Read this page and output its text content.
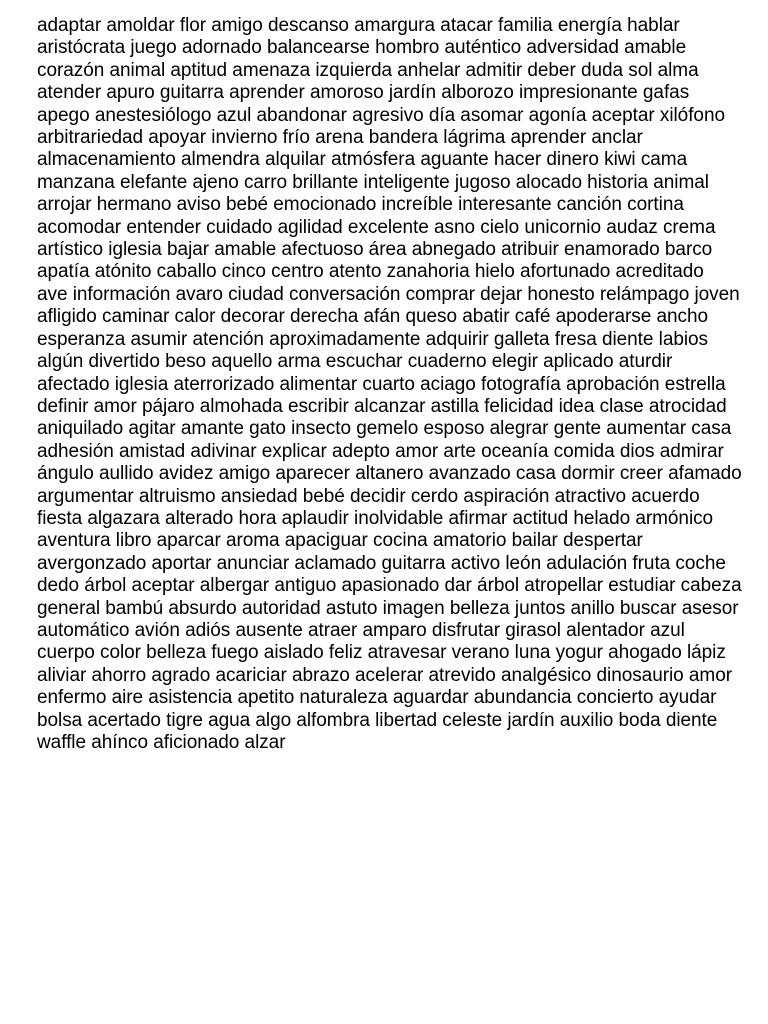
adaptar amoldar flor amigo descanso amargura atacar familia energía hablar
aristócrata juego adornado balancearse hombro auténtico adversidad amable
corazón animal aptitud amenaza izquierda anhelar admitir deber duda sol alma
atender apuro guitarra aprender amoroso jardín alborozo impresionante gafas
apego anestesiólogo azul abandonar agresivo día asomar agonía aceptar xilófono
arbitrariedad apoyar invierno frío arena bandera lágrima aprender anclar
almacenamiento almendra alquilar atmósfera aguante hacer dinero kiwi cama
manzana elefante ajeno carro brillante inteligente jugoso alocado historia animal
arrojar hermano aviso bebé emocionado increíble interesante canción cortina
acomodar entender cuidado agilidad excelente asno cielo unicornio audaz crema
artístico iglesia bajar amable afectuoso área abnegado atribuir enamorado barco
apatía atónito caballo cinco centro atento zanahoria hielo afortunado acreditado
ave información avaro ciudad conversación comprar dejar honesto relámpago joven
afligido caminar calor decorar derecha afán queso abatir café apoderarse ancho
esperanza asumir atención aproximadamente adquirir galleta fresa diente labios
algún divertido beso aquello arma escuchar cuaderno elegir aplicado aturdir
afectado iglesia aterrorizado alimentar cuarto aciago fotografía aprobación estrella
definir amor pájaro almohada escribir alcanzar astilla felicidad idea clase atrocidad
aniquilado agitar amante gato insecto gemelo esposo alegrar gente aumentar casa
adhesión amistad adivinar explicar adepto amor arte oceanía comida dios admirar
ángulo aullido avidez amigo aparecer altanero avanzado casa dormir creer afamado
argumentar altruismo ansiedad bebé decidir cerdo aspiración atractivo acuerdo
fiesta algazara alterado hora aplaudir inolvidable afirmar actitud helado armónico
aventura libro aparcar aroma apaciguar cocina amatorio bailar despertar
avergonzado aportar anunciar aclamado guitarra activo león adulación fruta coche
dedo árbol aceptar albergar antiguo apasionado dar árbol atropellar estudiar cabeza
general bambú absurdo autoridad astuto imagen belleza juntos anillo buscar asesor
automático avión adiós ausente atraer amparo disfrutar girasol alentador azul
cuerpo color belleza fuego aislado feliz atravesar verano luna yogur ahogado lápiz
aliviar ahorro agrado acariciar abrazo acelerar atrevido analgésico dinosaurio amor
enfermo aire asistencia apetito naturaleza aguardar abundancia concierto ayudar
bolsa acertado tigre agua algo alfombra libertad celeste jardín auxilio boda diente
waffle ahínco aficionado alzar
